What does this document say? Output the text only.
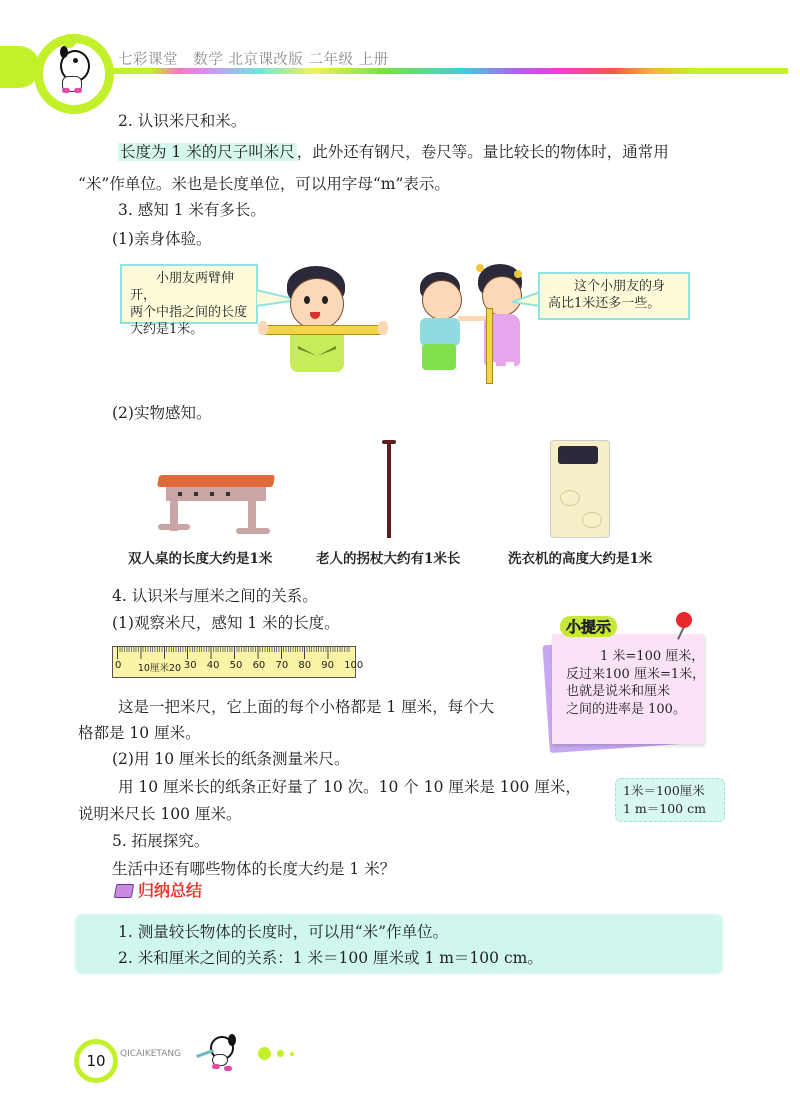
七彩课堂 数学 北京课改版 二年级 上册
2. 认识米尺和米。
长度为 1 米的尺子叫米尺 ，此外还有钢尺，卷尺等。量比较长的物体时，通常用
“米”作单位。米也是长度单位，可以用字母“m”表示。
3. 感知 1 米有多长。
(1)亲身体验。
小朋友两臂伸开，
两个中指之间的长度
大约是1米。
这个小朋友的身
高比1米还多一些。
(2)实物感知。
双人桌的长度大约是1米	老人的拐杖大约有1米长	洗衣机的高度大约是1米
4. 认识米与厘米之间的关系。
(1)观察米尺，感知 1 米的长度。
0	10厘米20 30	40	50	60	70	80	90	100
小提示
1 米=100 厘米，
反过来100 厘米=1米，
也就是说米和厘米
之间的进率是 100。
这是一把米尺，它上面的每个小格都是 1 厘米，每个大
格都是 10 厘米。
(2)用 10 厘米长的纸条测量米尺。
用 10 厘米长的纸条正好量了 10 次。10 个 10 厘米是 100 厘米，
说明米尺长 100 厘米。
1米＝100厘米
1 m＝100 cm
5. 拓展探究。
生活中还有哪些物体的长度大约是 1 米？
归纳总结
1. 测量较长物体的长度时，可以用“米”作单位。
2. 米和厘米之间的关系：1 米＝100 厘米或 1 m＝100 cm。
10	QICAIKETANG
